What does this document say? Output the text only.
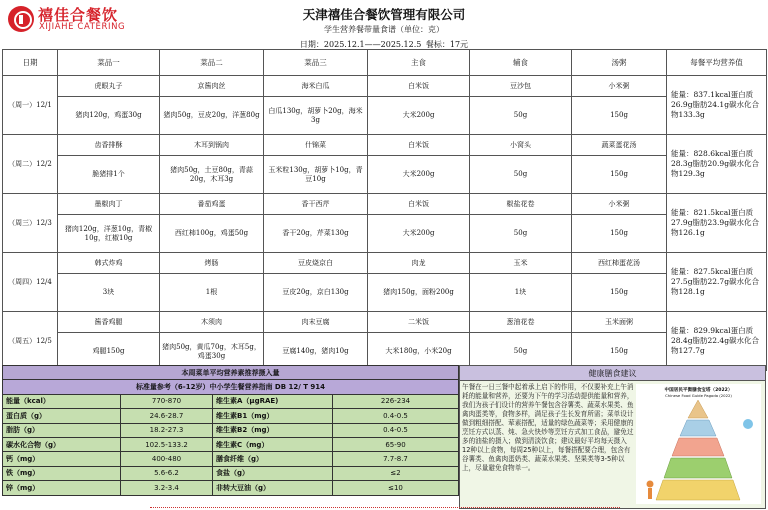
禧佳合餐饮
XIJIAHE CATERING
天津禧佳合餐饮管理有限公司
学生营养餐带量食谱（单位：克）
日期：2025.12.1——2025.12.5 餐标：17元
日期	菜品一	菜品二	菜品三	主食	辅食	汤粥	每餐平均营养值
（周一）12/1	虎眼丸子	京酱肉丝	海米白瓜	白米饭	豆沙包	小米粥	能量：837.1kcal蛋白质26.9g脂肪24.1g碳水化合物133.3g
	猪肉120g，鸡蛋30g	猪肉50g，豆皮20g，洋葱80g	白瓜130g，胡萝卜20g，海米3g	大米200g	50g	150g	
（周二）12/2	齿香排酥	木耳到锅肉	什锦菜	白米饭	小窝头	蔬菜蛋花汤	能量：828.6kcal蛋白质28.3g脂肪20.9g碳水化合物129.3g
	脆猪排1个	猪肉50g，土豆80g，青蒜20g，木耳3g	玉米粒130g，胡萝卜10g，青豆10g	大米200g	50g	150g	
（周三）12/3	墨椒肉丁	番茄鸡蛋	香干西芹	白米饭	椒盐花卷	小米粥	能量：821.5kcal蛋白质27.9g脂肪23.9g碳水化合物126.1g
	猪肉120g，洋葱10g，青椒10g，红椒10g	西红柿100g，鸡蛋50g	香干20g，芹菜130g	大米200g	50g	150g	
（周四）12/4	韩式炸鸡	烤肠	豆皮烧京白	肉龙	玉米	西红柿蛋花汤	能量：827.5kcal蛋白质27.5g脂肪22.7g碳水化合物128.1g
	3块	1根	豆皮20g，京白130g	猪肉150g，面粉200g	1块	150g	
（周五）12/5	酱香鸡腿	木须肉	肉末豆腐	二米饭	葱油花卷	玉米面粥	能量：829.9kcal蛋白质28.4g脂肪22.4g碳水化合物127.7g
	鸡腿150g	猪肉50g，黄瓜70g，木耳5g，鸡蛋30g	豆腐140g，猪肉10g	大米180g，小米20g	50g	150g	
本周菜单平均营养素推荐摄入量			
标准量参考（6-12岁）中小学生餐营养指南 DB 12/ T 914			
能量（kcal）	770-870	维生素A（μgRAE)	226-234
蛋白质（g）	24.6-28.7	维生素B1（mg）	0.4-0.5
脂肪（g）	18.2-27.3	维生素B2（mg）	0.4-0.5
碳水化合物（g）	102.5-133.2	维生素C（mg）	65-90
钙（mg）	400-480	膳食纤维（g）	7.7-8.7
铁（mg）	5.6-6.2	食盐（g）	≤2
锌（mg）	3.2-3.4	非转大豆油（g）	≤10
健康膳食建议
午餐在一日三餐中起着承上启下的作用，不仅要补充上午消耗的能量和营养，还要为下午的学习活动提供能量和营养，我们为孩子们设计的营养午餐包含谷薯类、蔬菜水果类、鱼禽肉蛋类等，食物多样，满足孩子生长发育所需；菜单设计做到粗细搭配、荤素搭配，适量的绿色蔬菜等；采用健康的烹饪方式以蒸、炖、急火快炒等烹饪方式加工食品，避免过多的油盐的摄入；做到清淡饮食；建议最好平均每天摄入12种以上食物，每周25种以上，每餐搭配要合理，包含有谷薯类、鱼禽肉蛋奶类、蔬菜水果类、坚果类等3-5种以上，尽量避免食物单一。
中国居民平衡膳食宝塔（2022）
Chinese Food Guide Pagoda (2022)
